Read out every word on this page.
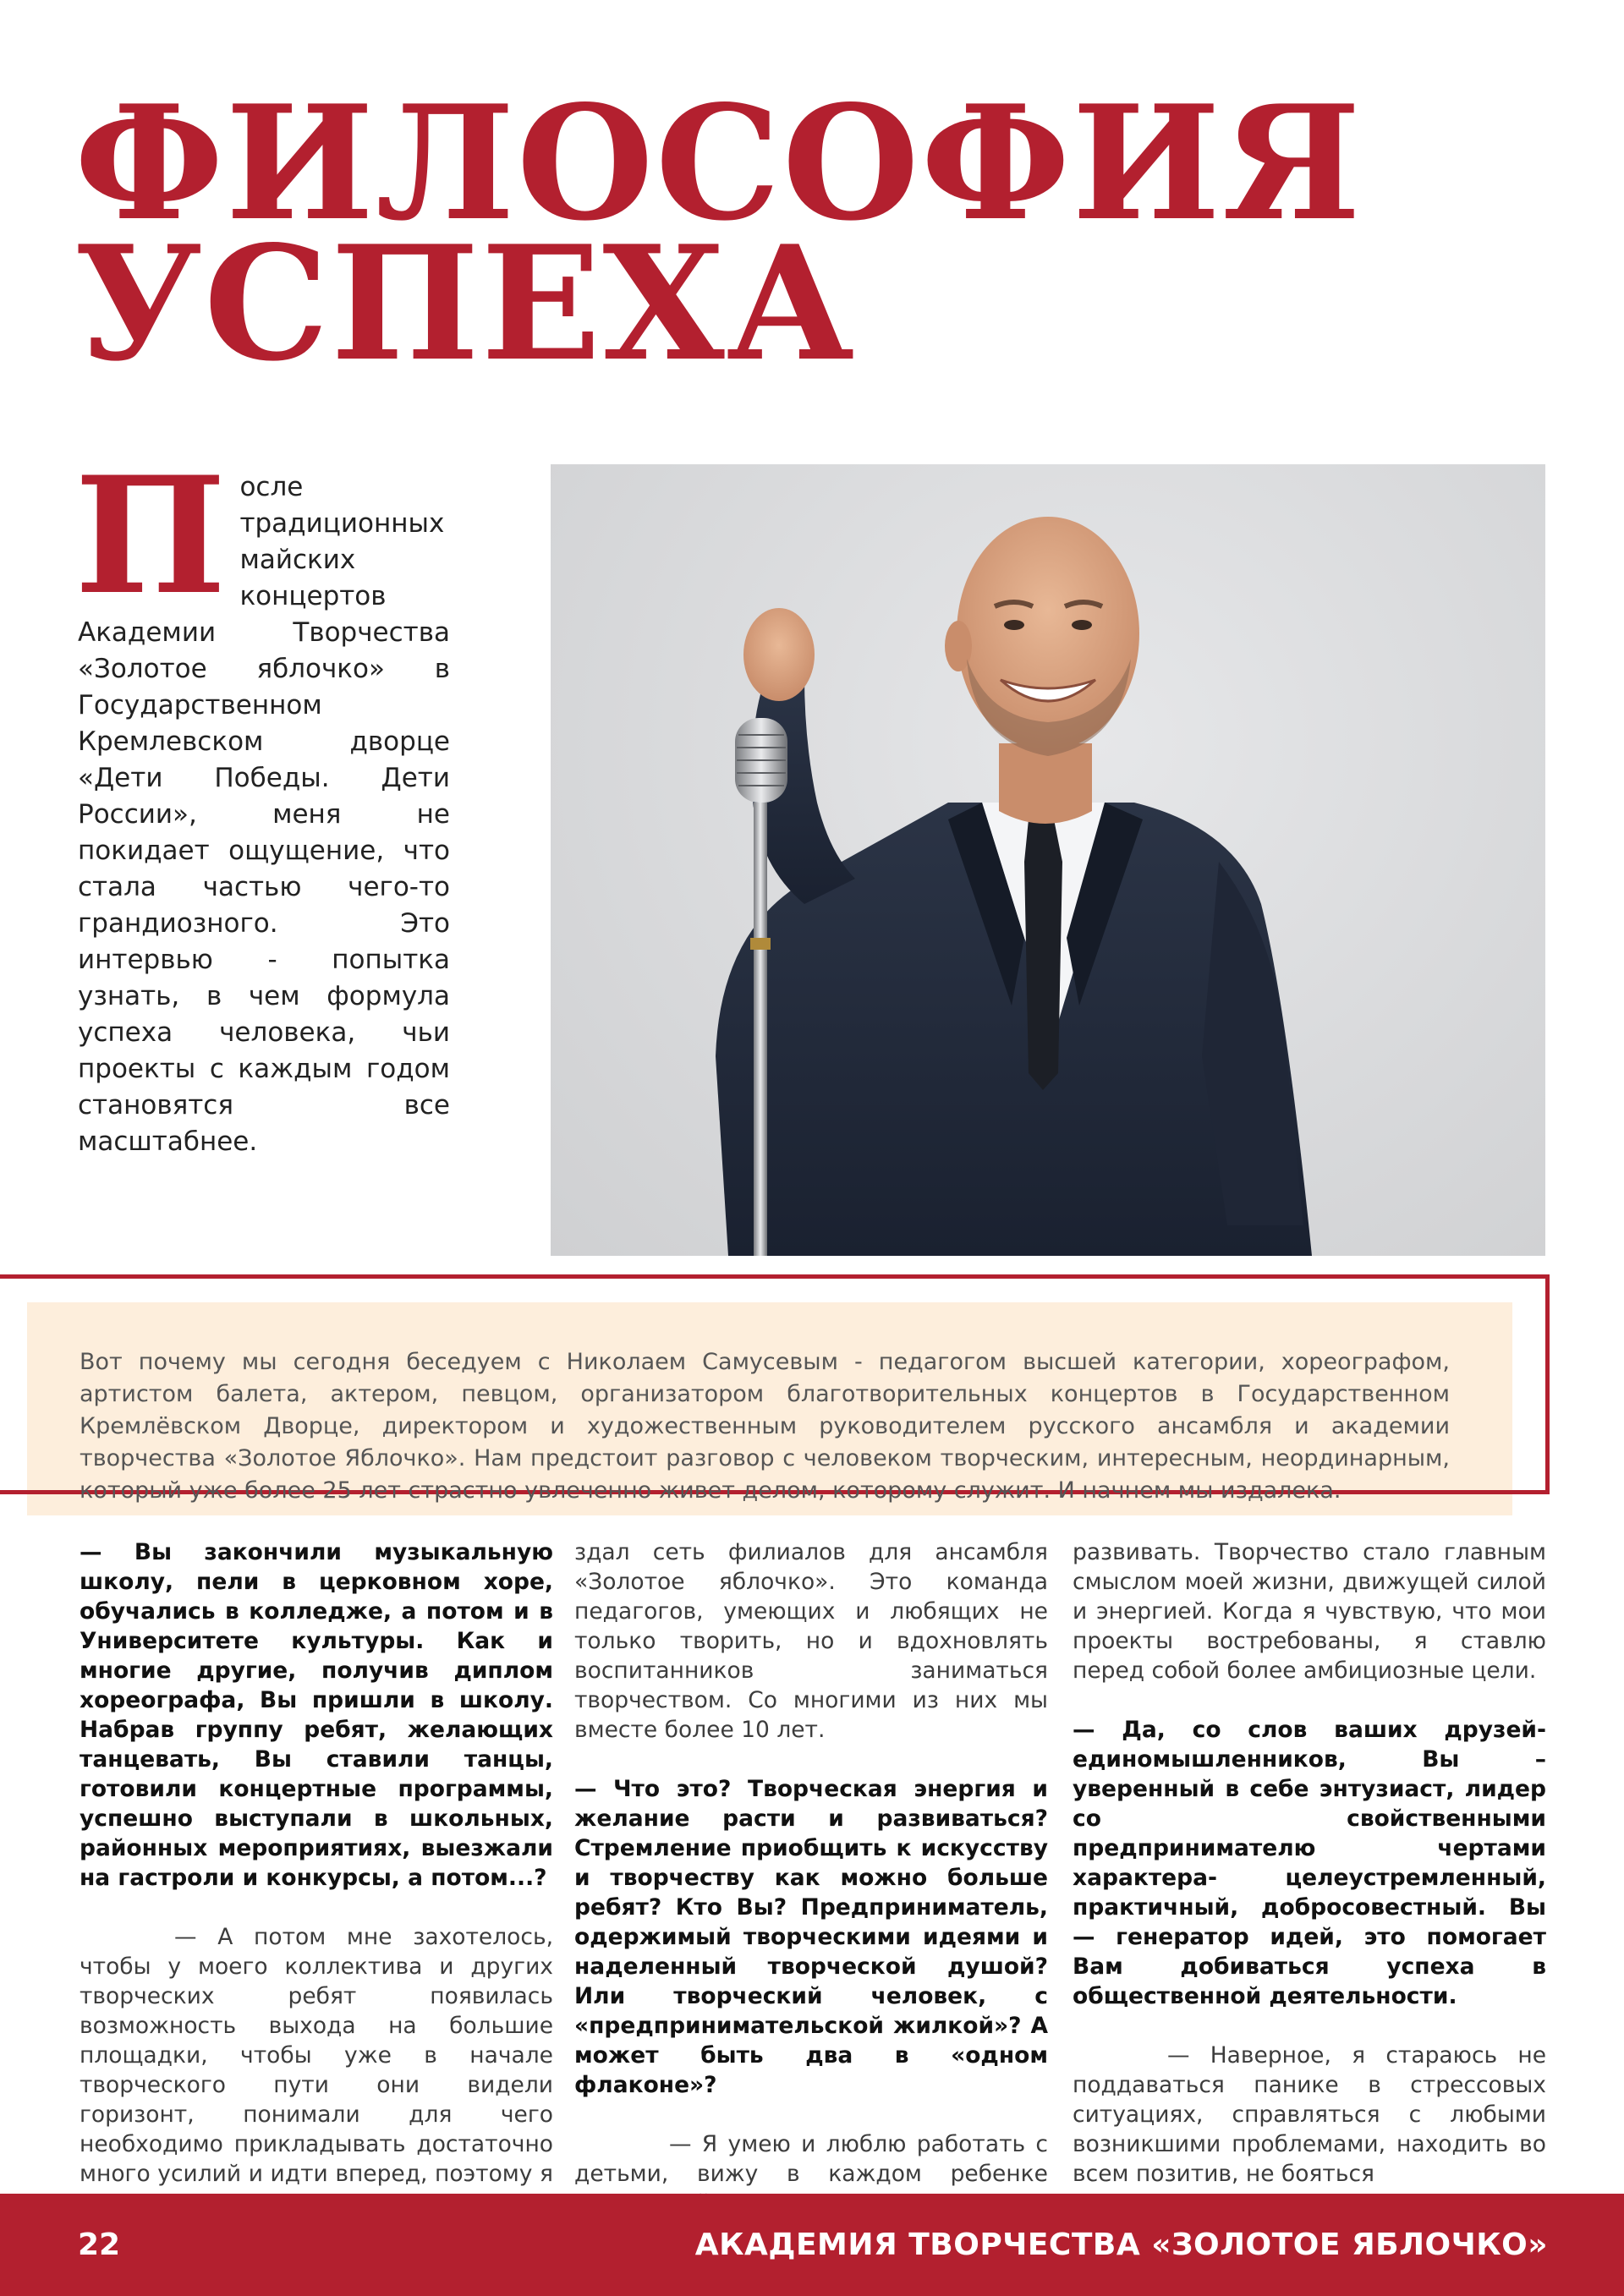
ФИЛОСОФИЯ
УСПЕХА
П осле традиционных майских концертов Академии Творчества «Золотое яблочко» в Государственном Кремлевском дворце «Дети Победы. Дети России», меня не покидает ощущение, что стала частью чего-то грандиозного. Это интервью - попытка узнать, в чем формула успеха человека, чьи проекты с каждым годом становятся все масштабнее.

Вот почему мы сегодня беседуем с Николаем Самусевым - педагогом высшей категории, хореографом, артистом балета, актером, певцом, организатором благотворительных концертов в Государственном Кремлёвском Дворце, директором и художественным руководителем русского ансамбля и академии творчества «Золотое Яблочко». Нам предстоит разговор с человеком творческим, интересным, неординарным, который уже более 25 лет страстно увлеченно живет делом, которому служит. И начнем мы издалека.

— Вы закончили музыкальную школу, пели в церковном хоре, обучались в колледже, а потом и в Университете культуры. Как и многие другие, получив диплом хореографа, Вы пришли в школу. Набрав группу ребят, желающих танцевать, Вы ставили танцы, готовили концертные программы, успешно выступали в школьных, районных мероприятиях, выезжали на гастроли и конкурсы, а потом...?

— А потом мне захотелось, чтобы у моего коллектива и других творческих ребят появилась возможность выхода на большие площадки, чтобы уже в начале творческого пути они видели горизонт, понимали для чего необходимо прикладывать достаточно много усилий и идти вперед, поэтому я

здал сеть филиалов для ансамбля «Золотое яблочко». Это команда педагогов, умеющих и любящих не только творить, но и вдохновлять воспитанников заниматься творчеством. Со многими из них мы вместе более 10 лет.

— Что это? Творческая энергия и желание расти и развиваться? Стремление приобщить к искусству и творчеству как можно больше ребят? Кто Вы? Предприниматель, одержимый творческими идеями и наделенный творческой душой? Или творческий человек, с «предпринимательской жилкой»? А может быть два в «одном флаконе»?

— Я умею и люблю работать с детьми, вижу в каждом ребенке

развивать. Творчество стало главным смыслом моей жизни, движущей силой и энергией. Когда я чувствую, что мои проекты востребованы, я ставлю перед собой более амбициозные цели.

— Да, со слов ваших друзей-единомышленников, Вы – уверенный в себе энтузиаст, лидер со свойственными предпринимателю чертами характера- целеустремленный, практичный, добросовестный. Вы — генератор идей, это помогает Вам добиваться успеха в общественной деятельности.

— Наверное, я стараюсь не поддаваться панике в стрессовых ситуациях, справляться с любыми возникшими проблемами, находить во всем позитив, не бояться

22	АКАДЕМИЯ ТВОРЧЕСТВА «ЗОЛОТОЕ ЯБЛОЧКО»
